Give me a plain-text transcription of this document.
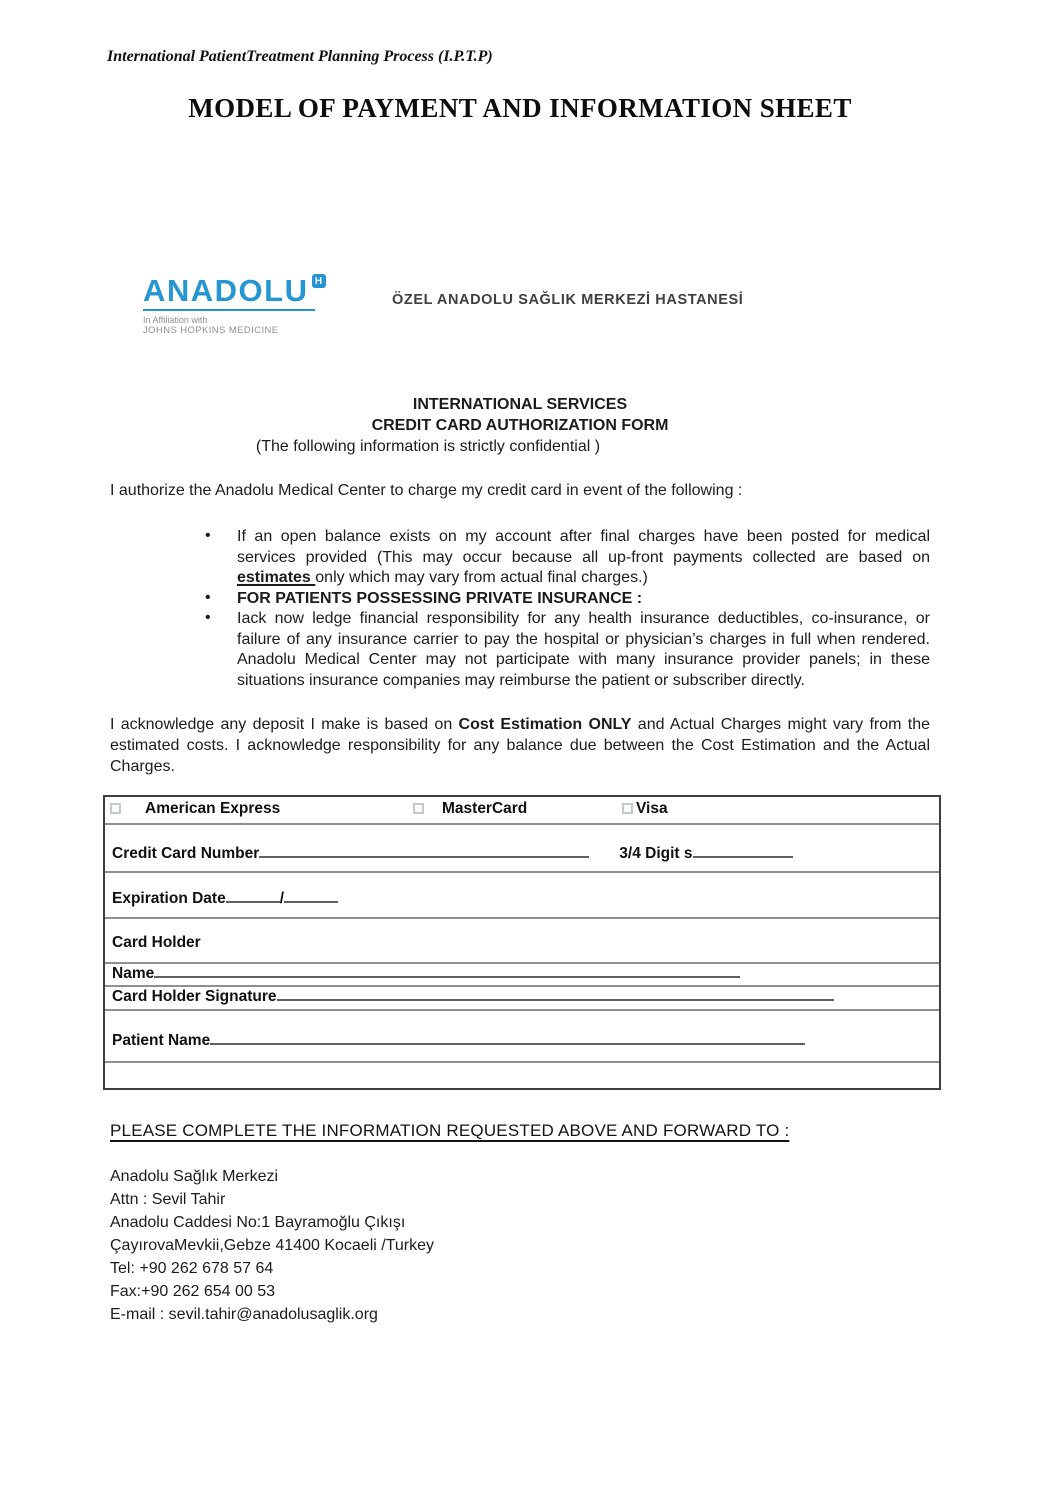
International PatientTreatment Planning Process (I.P.T.P)
MODEL OF PAYMENT AND INFORMATION SHEET
ANADOLU H
In Affiliation with
JOHNS HOPKINS MEDICINE
ÖZEL ANADOLU SAĞLIK MERKEZİ HASTANESİ
INTERNATIONAL SERVICES
CREDIT CARD AUTHORIZATION FORM
(The following information is strictly confidential )

I authorize the Anadolu Medical Center to charge my credit card in event of the following :

•
If an open balance exists on my account after final charges have been posted for medical services provided (This may occur because all up-front payments collected are based on estimates only which may vary from actual final charges.)
•
FOR PATIENTS POSSESSING PRIVATE INSURANCE :
•
Iack now ledge financial responsibility for any health insurance deductibles, co-insurance, or failure of any insurance carrier to pay the hospital or physician’s charges in full when rendered. Anadolu Medical Center may not participate with many insurance provider panels; in these situations insurance companies may reimburse the patient or subscriber directly.

I acknowledge any deposit I make is based on Cost Estimation ONLY and Actual Charges might vary from the estimated costs. I acknowledge responsibility for any balance due between the Cost Estimation and the Actual Charges.

American Express	MasterCard	Visa
Credit Card Number	3/4 Digit s
Expiration Date	/
Card Holder
Name
Card Holder Signature
Patient Name
PLEASE COMPLETE THE INFORMATION REQUESTED ABOVE AND FORWARD TO :
Anadolu Sağlık Merkezi
Attn : Sevil Tahir
Anadolu Caddesi No:1 Bayramoğlu Çıkışı
ÇayırovaMevkii,Gebze 41400 Kocaeli /Turkey
Tel: +90 262 678 57 64
Fax:+90 262 654 00 53
E-mail : sevil.tahir@anadolusaglik.org
